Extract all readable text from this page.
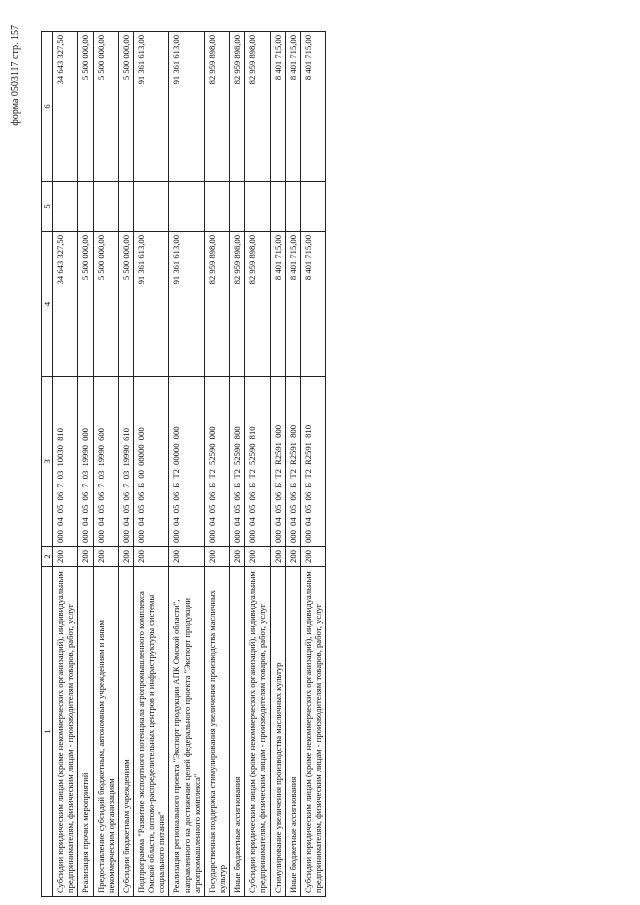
форма 0503117 стр. 157
1	2	3	4	5	6
Субсидии юридическим лицам (кроме некоммерческих организаций), индивидуальным предпринимателям, физическим лицам - производителям товаров, работ, услуг	200	000 04 05 06 7 03 10030 810	34 643 327,50		34 643 327,50
Реализация прочих мероприятий	200	000 04 05 06 7 03 19990 000	5 500 000,00		5 500 000,00
Предоставление субсидий бюджетным, автономным учреждениям и иным некоммерческим организациям	200	000 04 05 06 7 03 19990 600	5 500 000,00		5 500 000,00
Субсидии бюджетным учреждениям	200	000 04 05 06 7 03 19990 610	5 500 000,00		5 500 000,00
Подпрограмма "Развитие экспортного потенциала агропромышленного комплекса Омской области, оптово-распределительных центров и инфраструктуры системы социального питания"	200	000 04 05 06 Б 00 00000 000	91 361 613,00		91 361 613,00
Реализация регионального проекта "Экспорт продукции АПК Омской области", направленного на достижение целей федерального проекта "Экспорт продукции агропромышленного комплекса"	200	000 04 05 06 Б T2 00000 000	91 361 613,00		91 361 613,00
Государственная поддержка стимулирования увеличения производства масличных культур	200	000 04 05 06 Б T2 52590 000	82 959 898,00		82 959 898,00
Иные бюджетные ассигнования	200	000 04 05 06 Б T2 52590 800	82 959 898,00		82 959 898,00
Субсидии юридическим лицам (кроме некоммерческих организаций), индивидуальным предпринимателям, физическим лицам - производителям товаров, работ, услуг	200	000 04 05 06 Б T2 52590 810	82 959 898,00		82 959 898,00
Стимулирование увеличения производства масличных культур	200	000 04 05 06 Б T2 R2591 000	8 401 715,00		8 401 715,00
Иные бюджетные ассигнования	200	000 04 05 06 Б T2 R2591 800	8 401 715,00		8 401 715,00
Субсидии юридическим лицам (кроме некоммерческих организаций), индивидуальным предпринимателям, физическим лицам - производителям товаров, работ, услуг	200	000 04 05 06 Б T2 R2591 810	8 401 715,00		8 401 715,00
